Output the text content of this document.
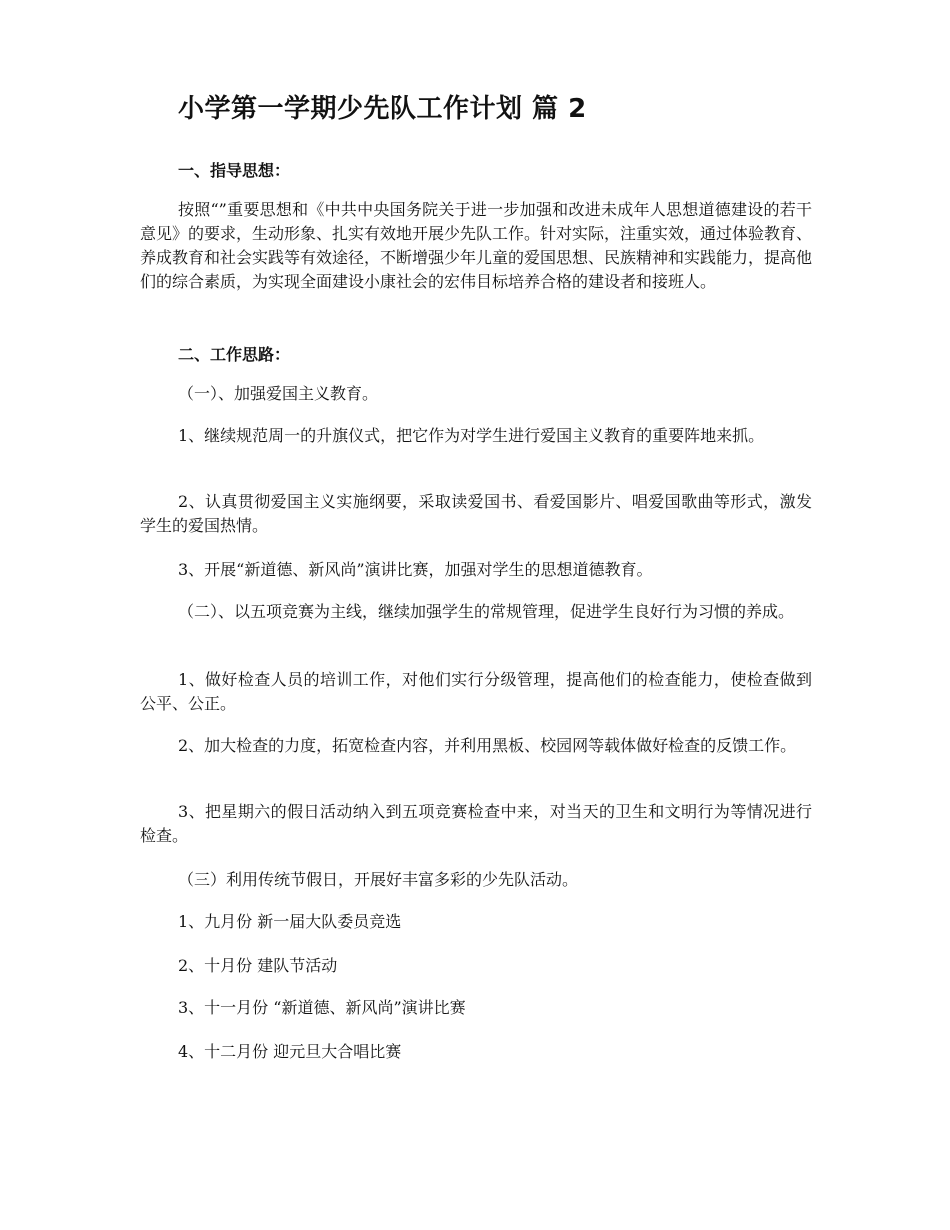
小学第一学期少先队工作计划 篇 2
一、指导思想：
按照“”重要思想和《中共中央国务院关于进一步加强和改进未成年人思想道德建设的若干意见》的要求，生动形象、扎实有效地开展少先队工作。针对实际，注重实效，通过体验教育、养成教育和社会实践等有效途径，不断增强少年儿童的爱国思想、民族精神和实践能力，提高他们的综合素质，为实现全面建设小康社会的宏伟目标培养合格的建设者和接班人。
二、工作思路：
（一）、加强爱国主义教育。
1、继续规范周一的升旗仪式，把它作为对学生进行爱国主义教育的重要阵地来抓。
2、认真贯彻爱国主义实施纲要，采取读爱国书、看爱国影片、唱爱国歌曲等形式，激发学生的爱国热情。
3、开展“新道德、新风尚”演讲比赛，加强对学生的思想道德教育。
（二）、以五项竞赛为主线，继续加强学生的常规管理，促进学生良好行为习惯的养成。
1、做好检查人员的培训工作，对他们实行分级管理，提高他们的检查能力，使检查做到公平、公正。
2、加大检查的力度，拓宽检查内容，并利用黑板、校园网等载体做好检查的反馈工作。
3、把星期六的假日活动纳入到五项竞赛检查中来，对当天的卫生和文明行为等情况进行检查。
（三）利用传统节假日，开展好丰富多彩的少先队活动。
1、九月份 新一届大队委员竞选
2、十月份 建队节活动
3、十一月份 “新道德、新风尚”演讲比赛
4、十二月份 迎元旦大合唱比赛
